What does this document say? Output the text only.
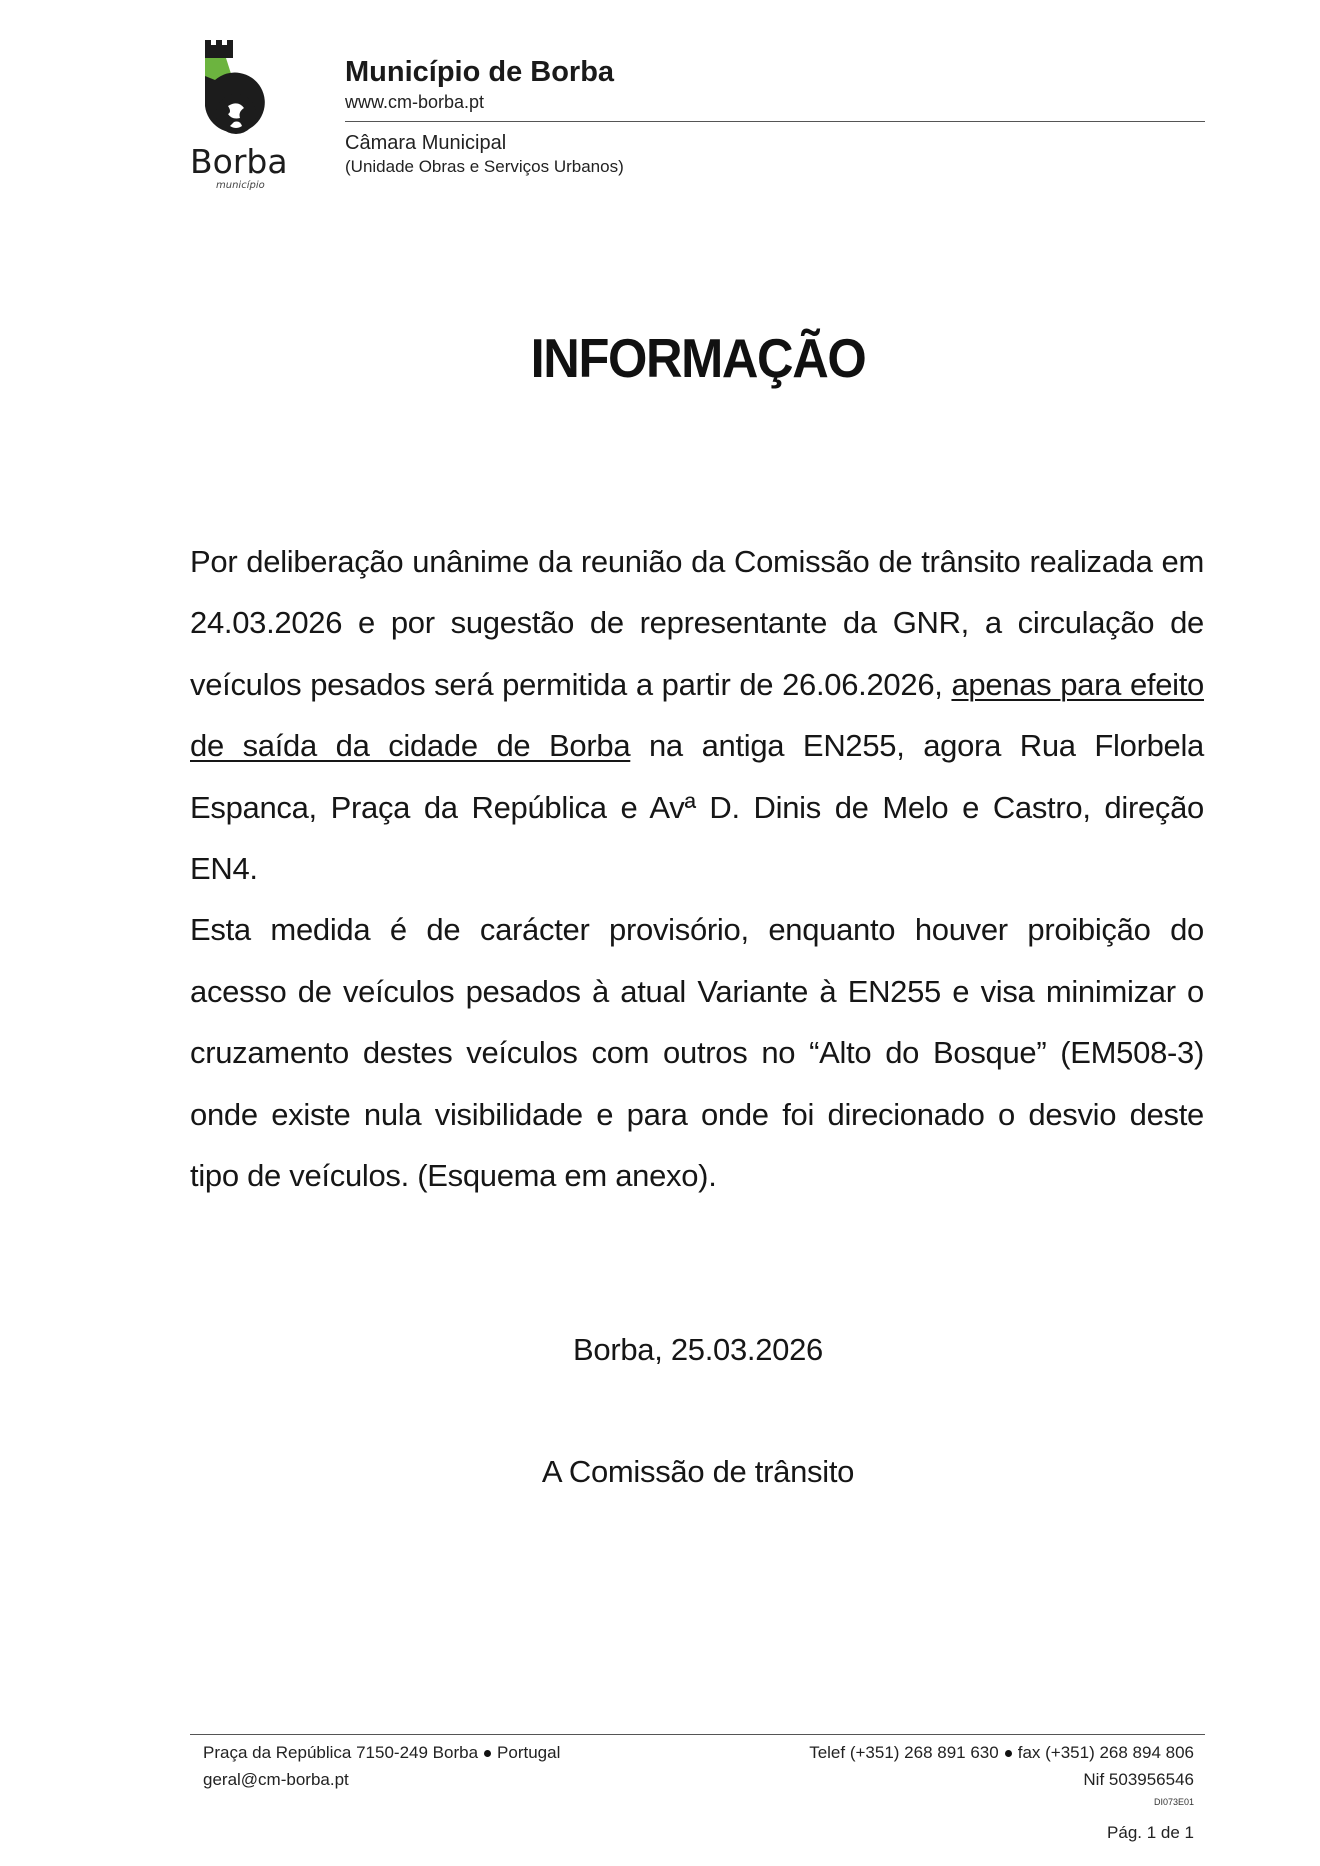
Borba
município
Município de Borba
www.cm-borba.pt
Câmara Municipal
(Unidade Obras e Serviços Urbanos)
INFORMAÇÃO

Por deliberação unânime da reunião da Comissão de trânsito realizada em 24.03.2026 e por sugestão de representante da GNR, a circulação de veículos pesados será permitida a partir de 26.06.2026, apenas para efeito de saída da cidade de Borba na antiga EN255, agora Rua Florbela Espanca, Praça da República e Avª D. Dinis de Melo e Castro, direção EN4.

Esta medida é de carácter provisório, enquanto houver proibição do acesso de veículos pesados à atual Variante à EN255 e visa minimizar o cruzamento destes veículos com outros no “Alto do Bosque” (EM508-3) onde existe nula visibilidade e para onde foi direcionado o desvio deste tipo de veículos. (Esquema em anexo).

Borba, 25.03.2026
A Comissão de trânsito
Praça da República 7150-249 Borba Portugal	Telef (+351) 268 891 630 fax (+351) 268 894 806
geral@cm-borba.pt	Nif 503956546
DI073E01
Pág. 1 de 1
